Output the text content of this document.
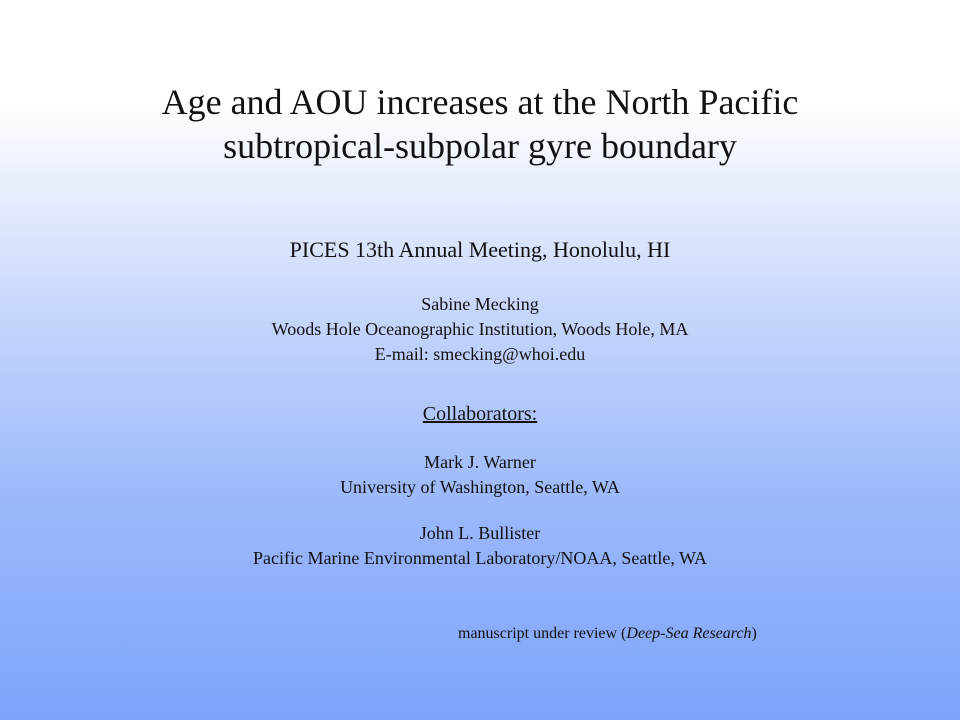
Age and AOU increases at the North Pacific
subtropical-subpolar gyre boundary
PICES 13th Annual Meeting, Honolulu, HI
Sabine Mecking
Woods Hole Oceanographic Institution, Woods Hole, MA
E-mail: smecking@whoi.edu
Collaborators:
Mark J. Warner
University of Washington, Seattle, WA
John L. Bullister
Pacific Marine Environmental Laboratory/NOAA, Seattle, WA
manuscript under review (Deep-Sea Research)
